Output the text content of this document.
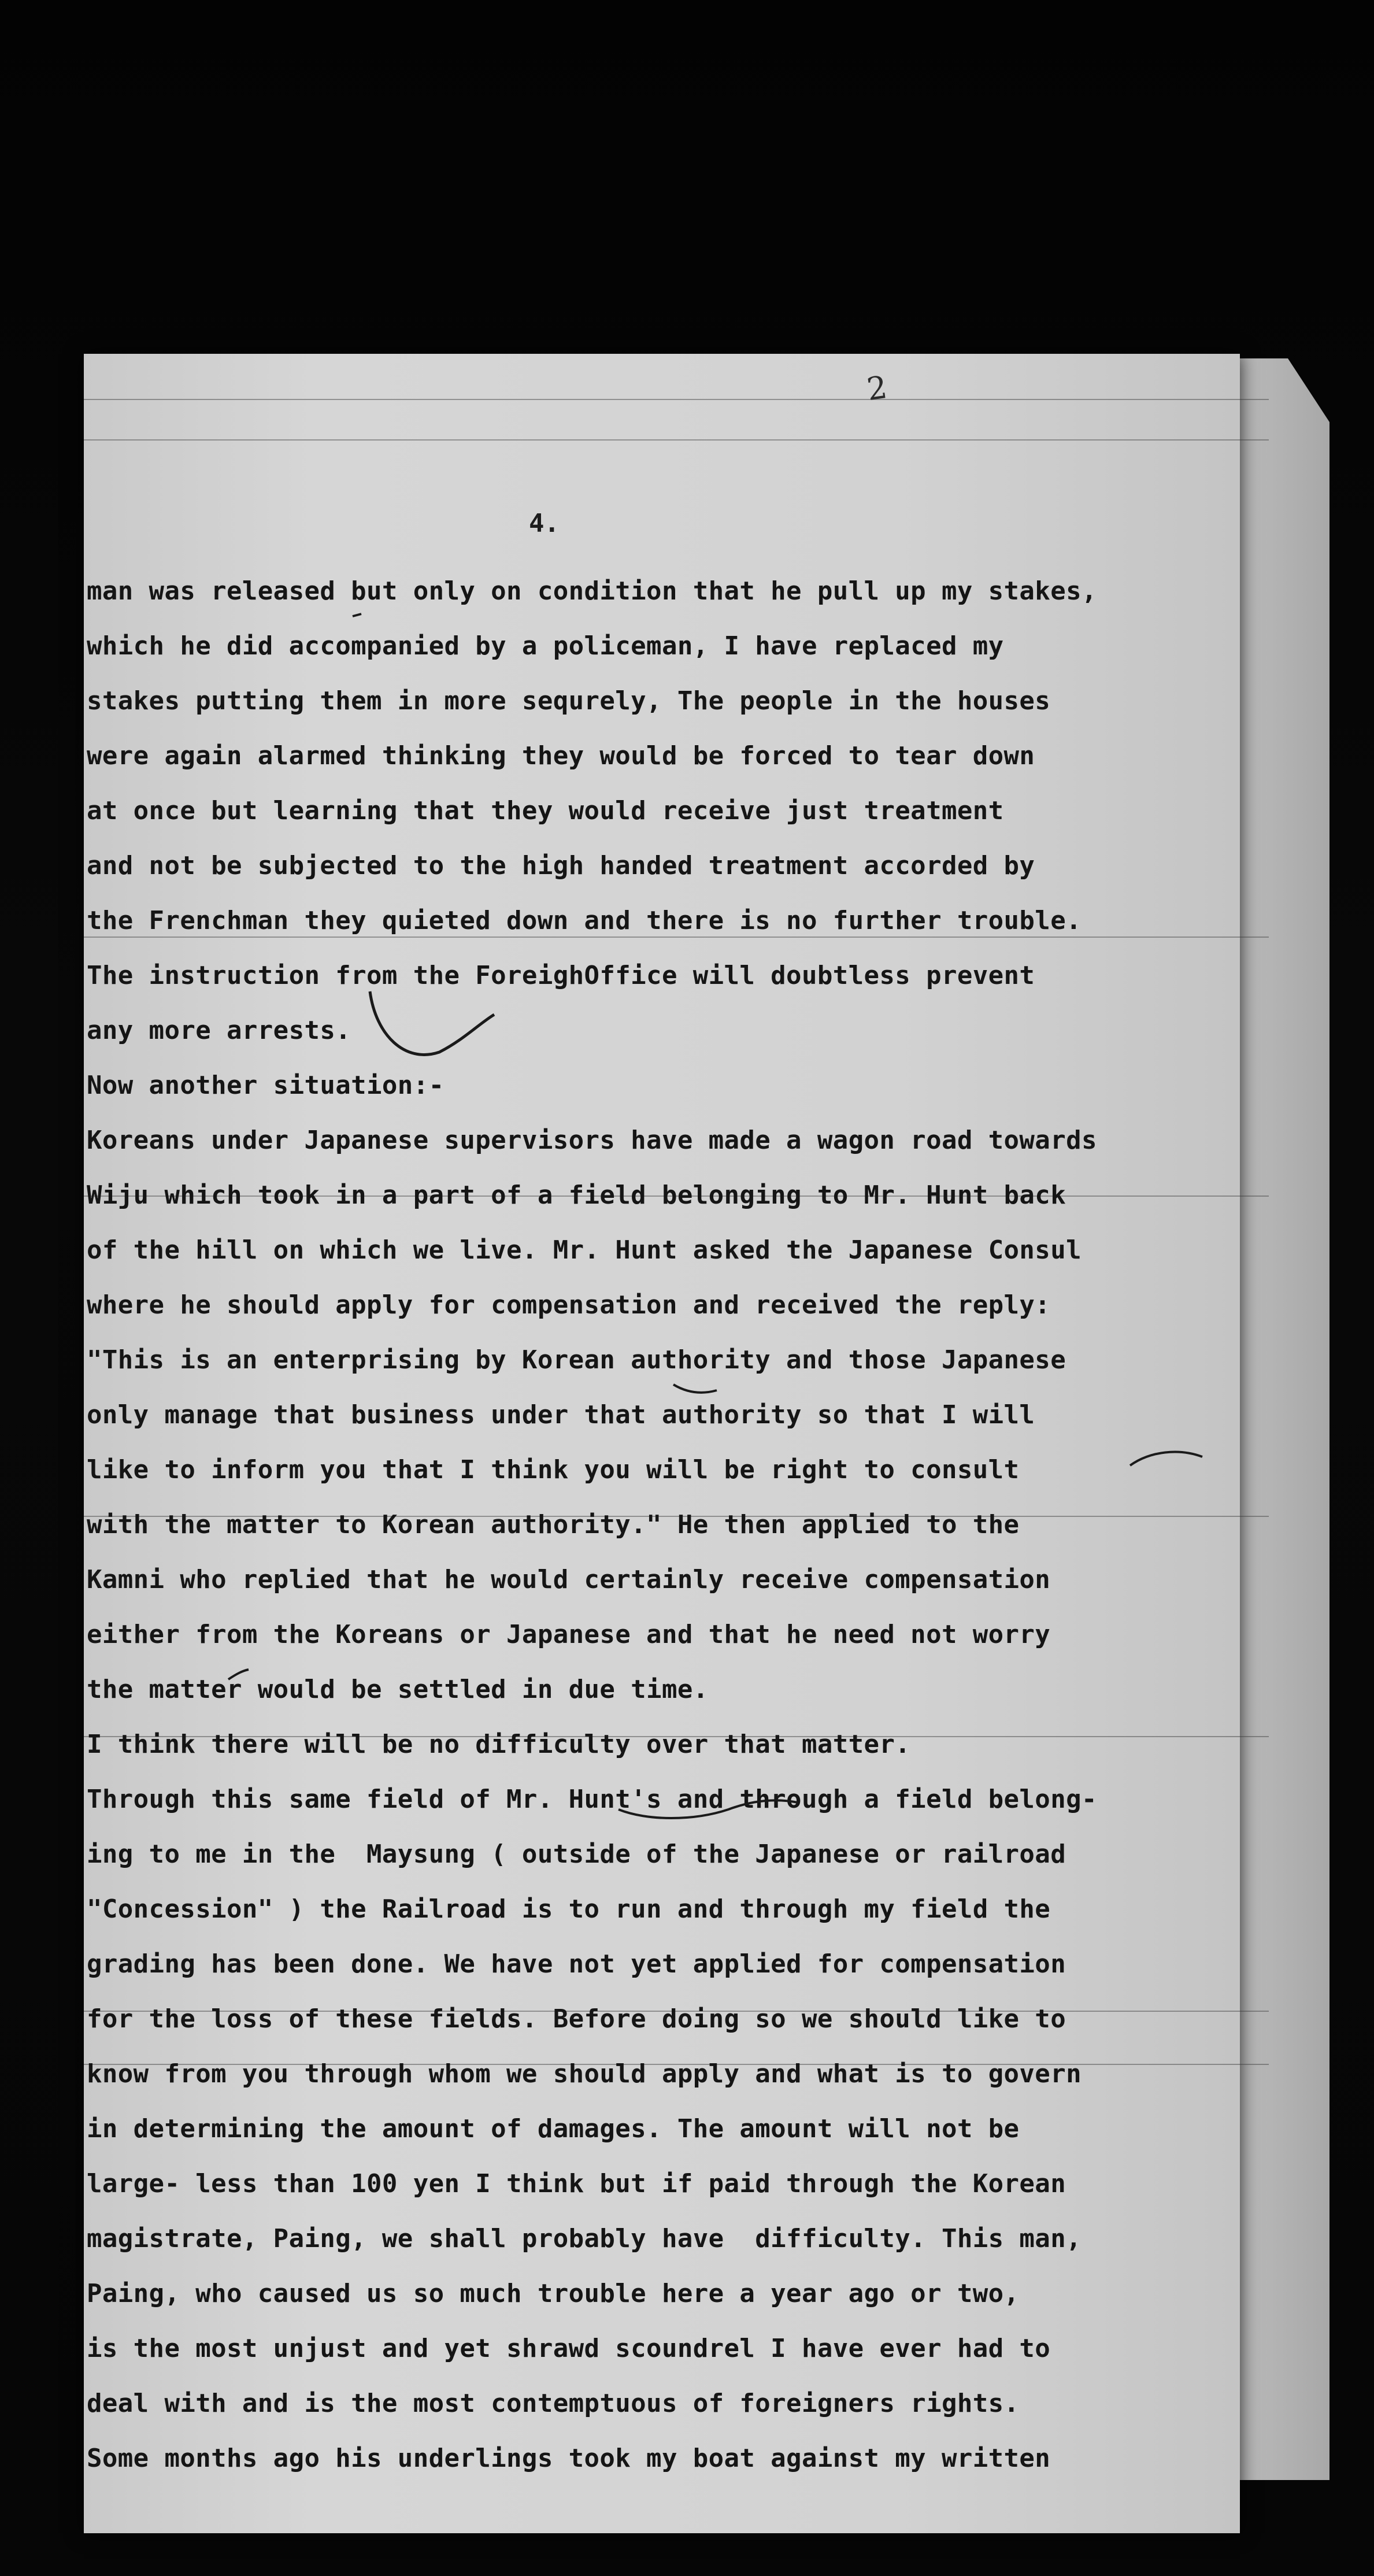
2
4.
man was released but only on condition that he pull up my stakes,
which he did accompanied by a policeman, I have replaced my
stakes putting them in more sequrely, The people in the houses
were again alarmed thinking they would be forced to tear down
at once but learning that they would receive just treatment
and not be subjected to the high handed treatment accorded by
the Frenchman they quieted down and there is no further trouble.
The instruction from the ForeighOffice will doubtless prevent
any more arrests.
Now another situation:-
Koreans under Japanese supervisors have made a wagon road towards
Wiju which took in a part of a field belonging to Mr. Hunt back
of the hill on which we live. Mr. Hunt asked the Japanese Consul
where he should apply for compensation and received the reply:
"This is an enterprising by Korean authority and those Japanese
only manage that business under that authority so that I will
like to inform you that I think you will be right to consult
with the matter to Korean authority." He then applied to the
Kamni who replied that he would certainly receive compensation
either from the Koreans or Japanese and that he need not worry
the matter would be settled in due time.
I think there will be no difficulty over that matter.
Through this same field of Mr. Hunt's and through a field belong-
ing to me in the  Maysung ( outside of the Japanese or railroad
"Concession" ) the Railroad is to run and through my field the
grading has been done. We have not yet applied for compensation
for the loss of these fields. Before doing so we should like to
know from you through whom we should apply and what is to govern
in determining the amount of damages. The amount will not be
large- less than 100 yen I think but if paid through the Korean
magistrate, Paing, we shall probably have  difficulty. This man,
Paing, who caused us so much trouble here a year ago or two,
is the most unjust and yet shrawd scoundrel I have ever had to
deal with and is the most contemptuous of foreigners rights.
Some months ago his underlings took my boat against my written
